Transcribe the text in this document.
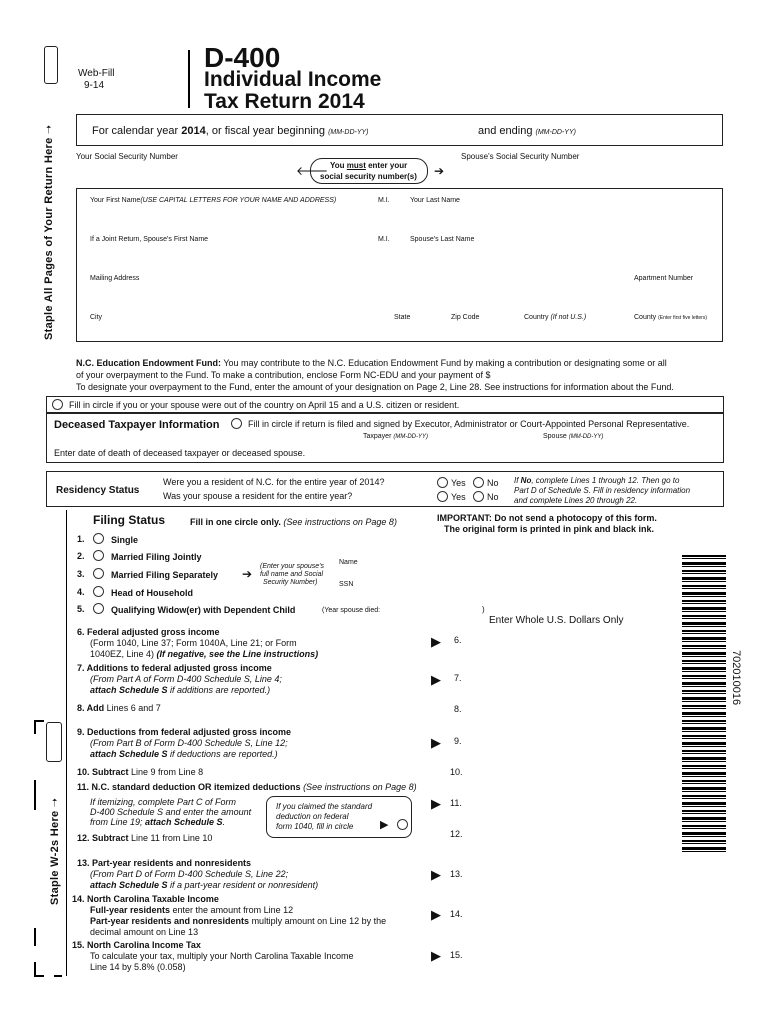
Staple All Pages of Your Return Here ➝
Staple W-2s Here ➝
Web-Fill
9-14
D-400
Individual Income
Tax Return 2014
For calendar year 2014, or fiscal year beginning (MM-DD-YY)	and ending (MM-DD-YY)
Your Social Security Number	Spouse's Social Security Number
You must enter your
social security number(s)
🡐	➔
Your First Name(USE CAPITAL LETTERS FOR YOUR NAME AND ADDRESS)	M.I.	Your Last Name
If a Joint Return, Spouse's First Name	M.I.	Spouse's Last Name
Mailing Address	Apartment Number
City	State	Zip Code	Country (If not U.S.)	County (Enter first five letters)
N.C. Education Endowment Fund: You may contribute to the N.C. Education Endowment Fund by making a contribution or designating some or all
of your overpayment to the Fund. To make a contribution, enclose Form NC-EDU and your payment of $
To designate your overpayment to the Fund, enter the amount of your designation on Page 2, Line 28. See instructions for information about the Fund.
Fill in circle if you or your spouse were out of the country on April 15 and a U.S. citizen or resident.
Deceased Taxpayer Information	Fill in circle if return is filed and signed by Executor, Administrator or Court-Appointed Personal Representative.
Taxpayer (MM-DD-YY)	Spouse (MM-DD-YY)
Enter date of death of deceased taxpayer or deceased spouse.
Residency Status
Were you a resident of N.C. for the entire year of 2014?
Was your spouse a resident for the entire year?
Yes No
Yes No
If No, complete Lines 1 through 12. Then go to
Part D of Schedule S. Fill in residency information
and complete Lines 20 through 22.
Filing Status	Fill in one circle only. (See instructions on Page 8)	IMPORTANT: Do not send a photocopy of this form.
The original form is printed in pink and black ink.
1.	Single
2.	Married Filing Jointly
3.	Married Filing Separately ➔
(Enter your spouse's
full name and Social
Security Number)
Name
SSN
4.	Head of Household
5.	Qualifying Widow(er) with Dependent Child	(Year spouse died:	)
Enter Whole U.S. Dollars Only
6. Federal adjusted gross income
(Form 1040, Line 37; Form 1040A, Line 21; or Form
1040EZ, Line 4) (If negative, see the Line instructions)
▶ 6.
7. Additions to federal adjusted gross income
(From Part A of Form D-400 Schedule S, Line 4;
attach Schedule S if additions are reported.)
▶ 7.
8. Add Lines 6 and 7	8.
9. Deductions from federal adjusted gross income
(From Part B of Form D-400 Schedule S, Line 12;
attach Schedule S if deductions are reported.)
▶ 9.
10. Subtract Line 9 from Line 8	10.
11. N.C. standard deduction OR itemized deductions (See instructions on Page 8)
If itemizing, complete Part C of Form
D-400 Schedule S and enter the amount
from Line 19; attach Schedule S.
If you claimed the standard
deduction on federal
form 1040, fill in circle ▶
▶ 11.
12. Subtract Line 11 from Line 10	12.
13. Part-year residents and nonresidents
(From Part D of Form D-400 Schedule S, Line 22;
attach Schedule S if a part-year resident or nonresident)
▶ 13.
14. North Carolina Taxable Income
Full-year residents enter the amount from Line 12
Part-year residents and nonresidents multiply amount on Line 12 by the
decimal amount on Line 13
▶ 14.
15. North Carolina Income Tax
To calculate your tax, multiply your North Carolina Taxable Income
Line 14 by 5.8% (0.058)
▶ 15.
702010016
